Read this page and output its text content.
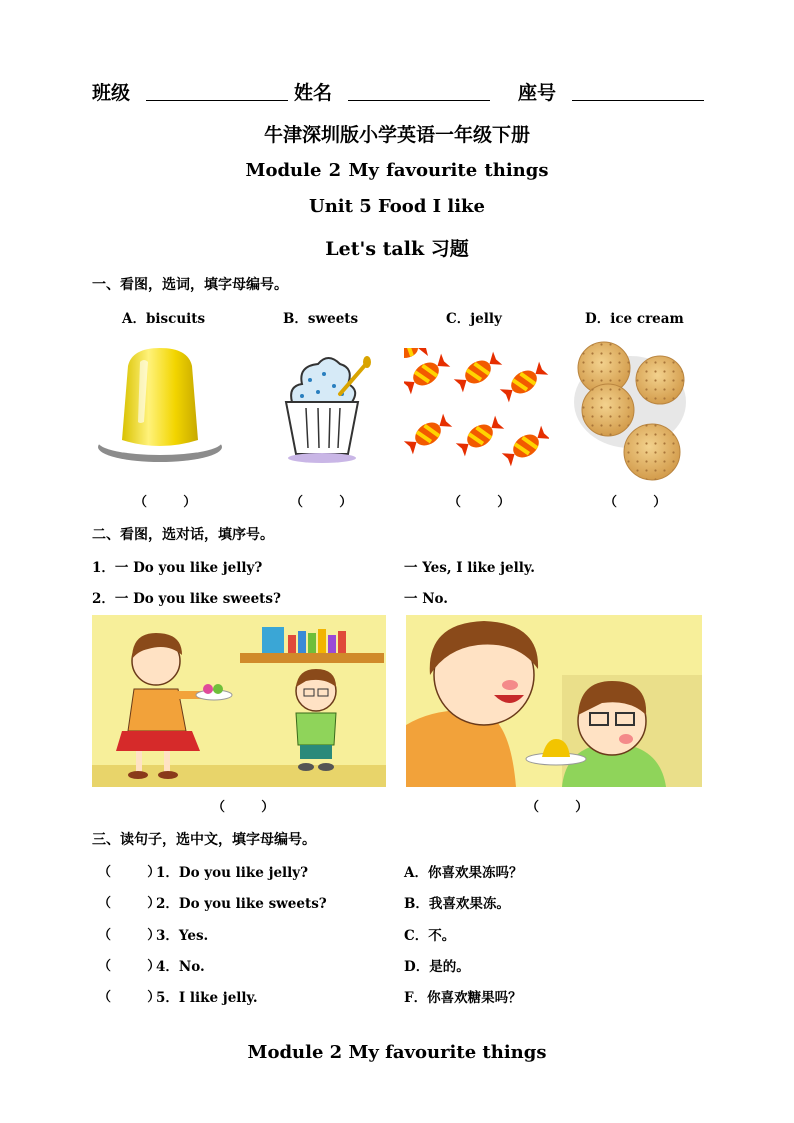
班级	姓名	座号
牛津深圳版小学英语一年级下册
Module 2 My favourite things
Unit 5 Food I like
Let's talk 习题
一、看图，选词，填字母编号。
A．biscuits	B．sweets	C．jelly	D．ice cream
（        ）	（        ）	（        ）	（        ）
二、看图，选对话，填序号。
1．一 Do you like jelly?	一 Yes, I like jelly.
2．一 Do you like sweets?	一 No.
（        ）	（        ）
三、读句子，选中文，填字母编号。
（        ）
1．Do you like jelly?	A．你喜欢果冻吗？
（        ）
2．Do you like sweets?	B．我喜欢果冻。
（        ）
3．Yes.	C．不。
（        ）
4．No.	D．是的。
（        ）
5．I like jelly.	F．你喜欢糖果吗？
Module 2 My favourite things
